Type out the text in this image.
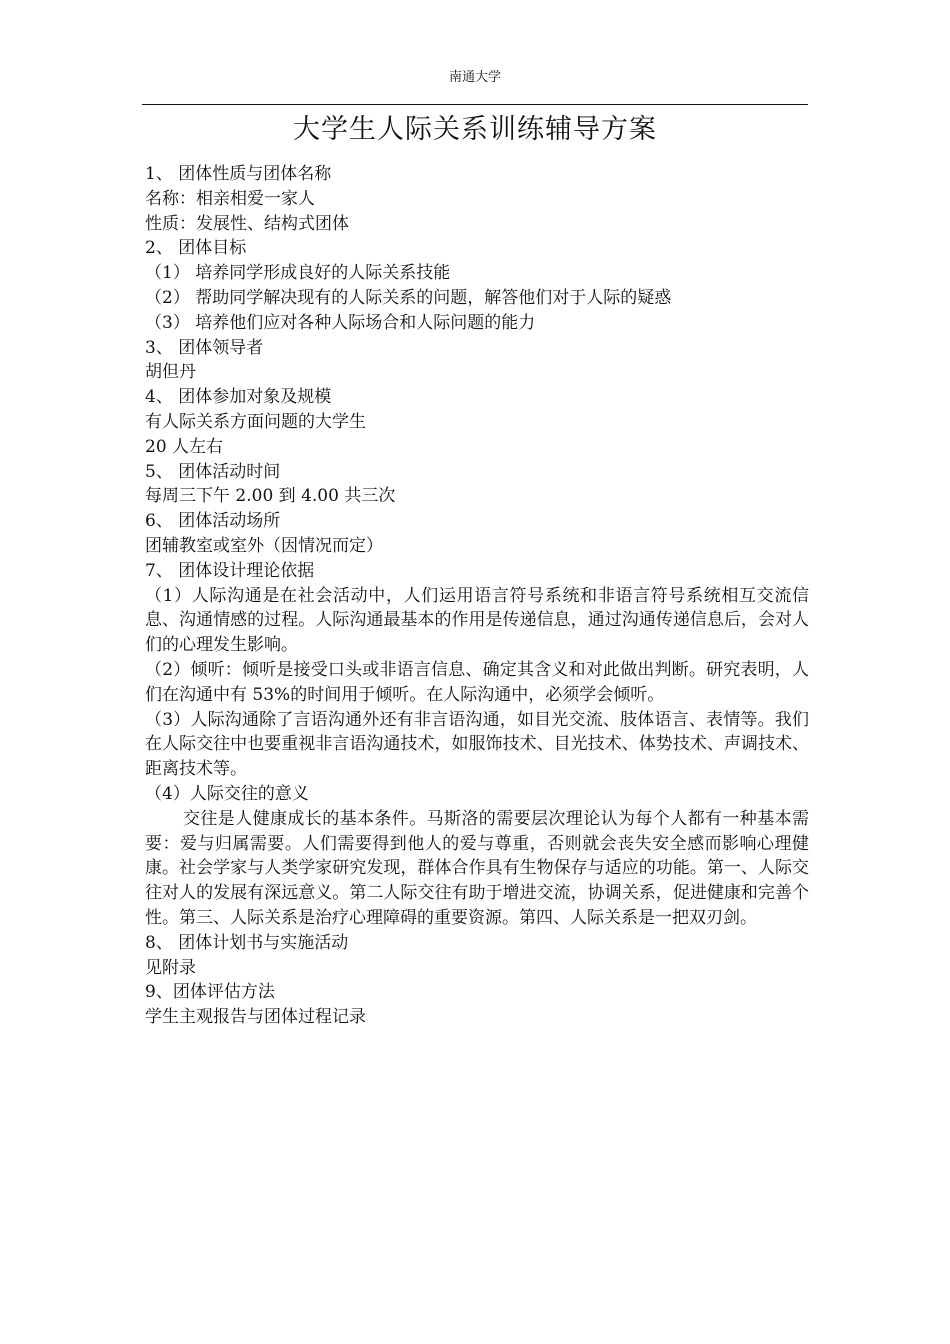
南通大学
大学生人际关系训练辅导方案
1、 团体性质与团体名称
名称：相亲相爱一家人
性质：发展性、结构式团体
2、 团体目标
（1） 培养同学形成良好的人际关系技能
（2） 帮助同学解决现有的人际关系的问题，解答他们对于人际的疑惑
（3） 培养他们应对各种人际场合和人际问题的能力
3、 团体领导者
胡但丹
4、 团体参加对象及规模
有人际关系方面问题的大学生
20 人左右
5、 团体活动时间
每周三下午 2.00 到 4.00 共三次
6、 团体活动场所
团辅教室或室外（因情况而定）
7、 团体设计理论依据
（1）人际沟通是在社会活动中，人们运用语言符号系统和非语言符号系统相互交流信息、沟通情感的过程。人际沟通最基本的作用是传递信息，通过沟通传递信息后，会对人们的心理发生影响。
（2）倾听：倾听是接受口头或非语言信息、确定其含义和对此做出判断。研究表明，人们在沟通中有 53%的时间用于倾听。在人际沟通中，必须学会倾听。
（3）人际沟通除了言语沟通外还有非言语沟通，如目光交流、肢体语言、表情等。我们在人际交往中也要重视非言语沟通技术，如服饰技术、目光技术、体势技术、声调技术、距离技术等。
（4）人际交往的意义
交往是人健康成长的基本条件。马斯洛的需要层次理论认为每个人都有一种基本需要：爱与归属需要。人们需要得到他人的爱与尊重，否则就会丧失安全感而影响心理健康。社会学家与人类学家研究发现，群体合作具有生物保存与适应的功能。第一、人际交往对人的发展有深远意义。第二人际交往有助于增进交流，协调关系，促进健康和完善个性。第三、人际关系是治疗心理障碍的重要资源。第四、人际关系是一把双刃剑。
8、 团体计划书与实施活动
见附录
9、团体评估方法
学生主观报告与团体过程记录
